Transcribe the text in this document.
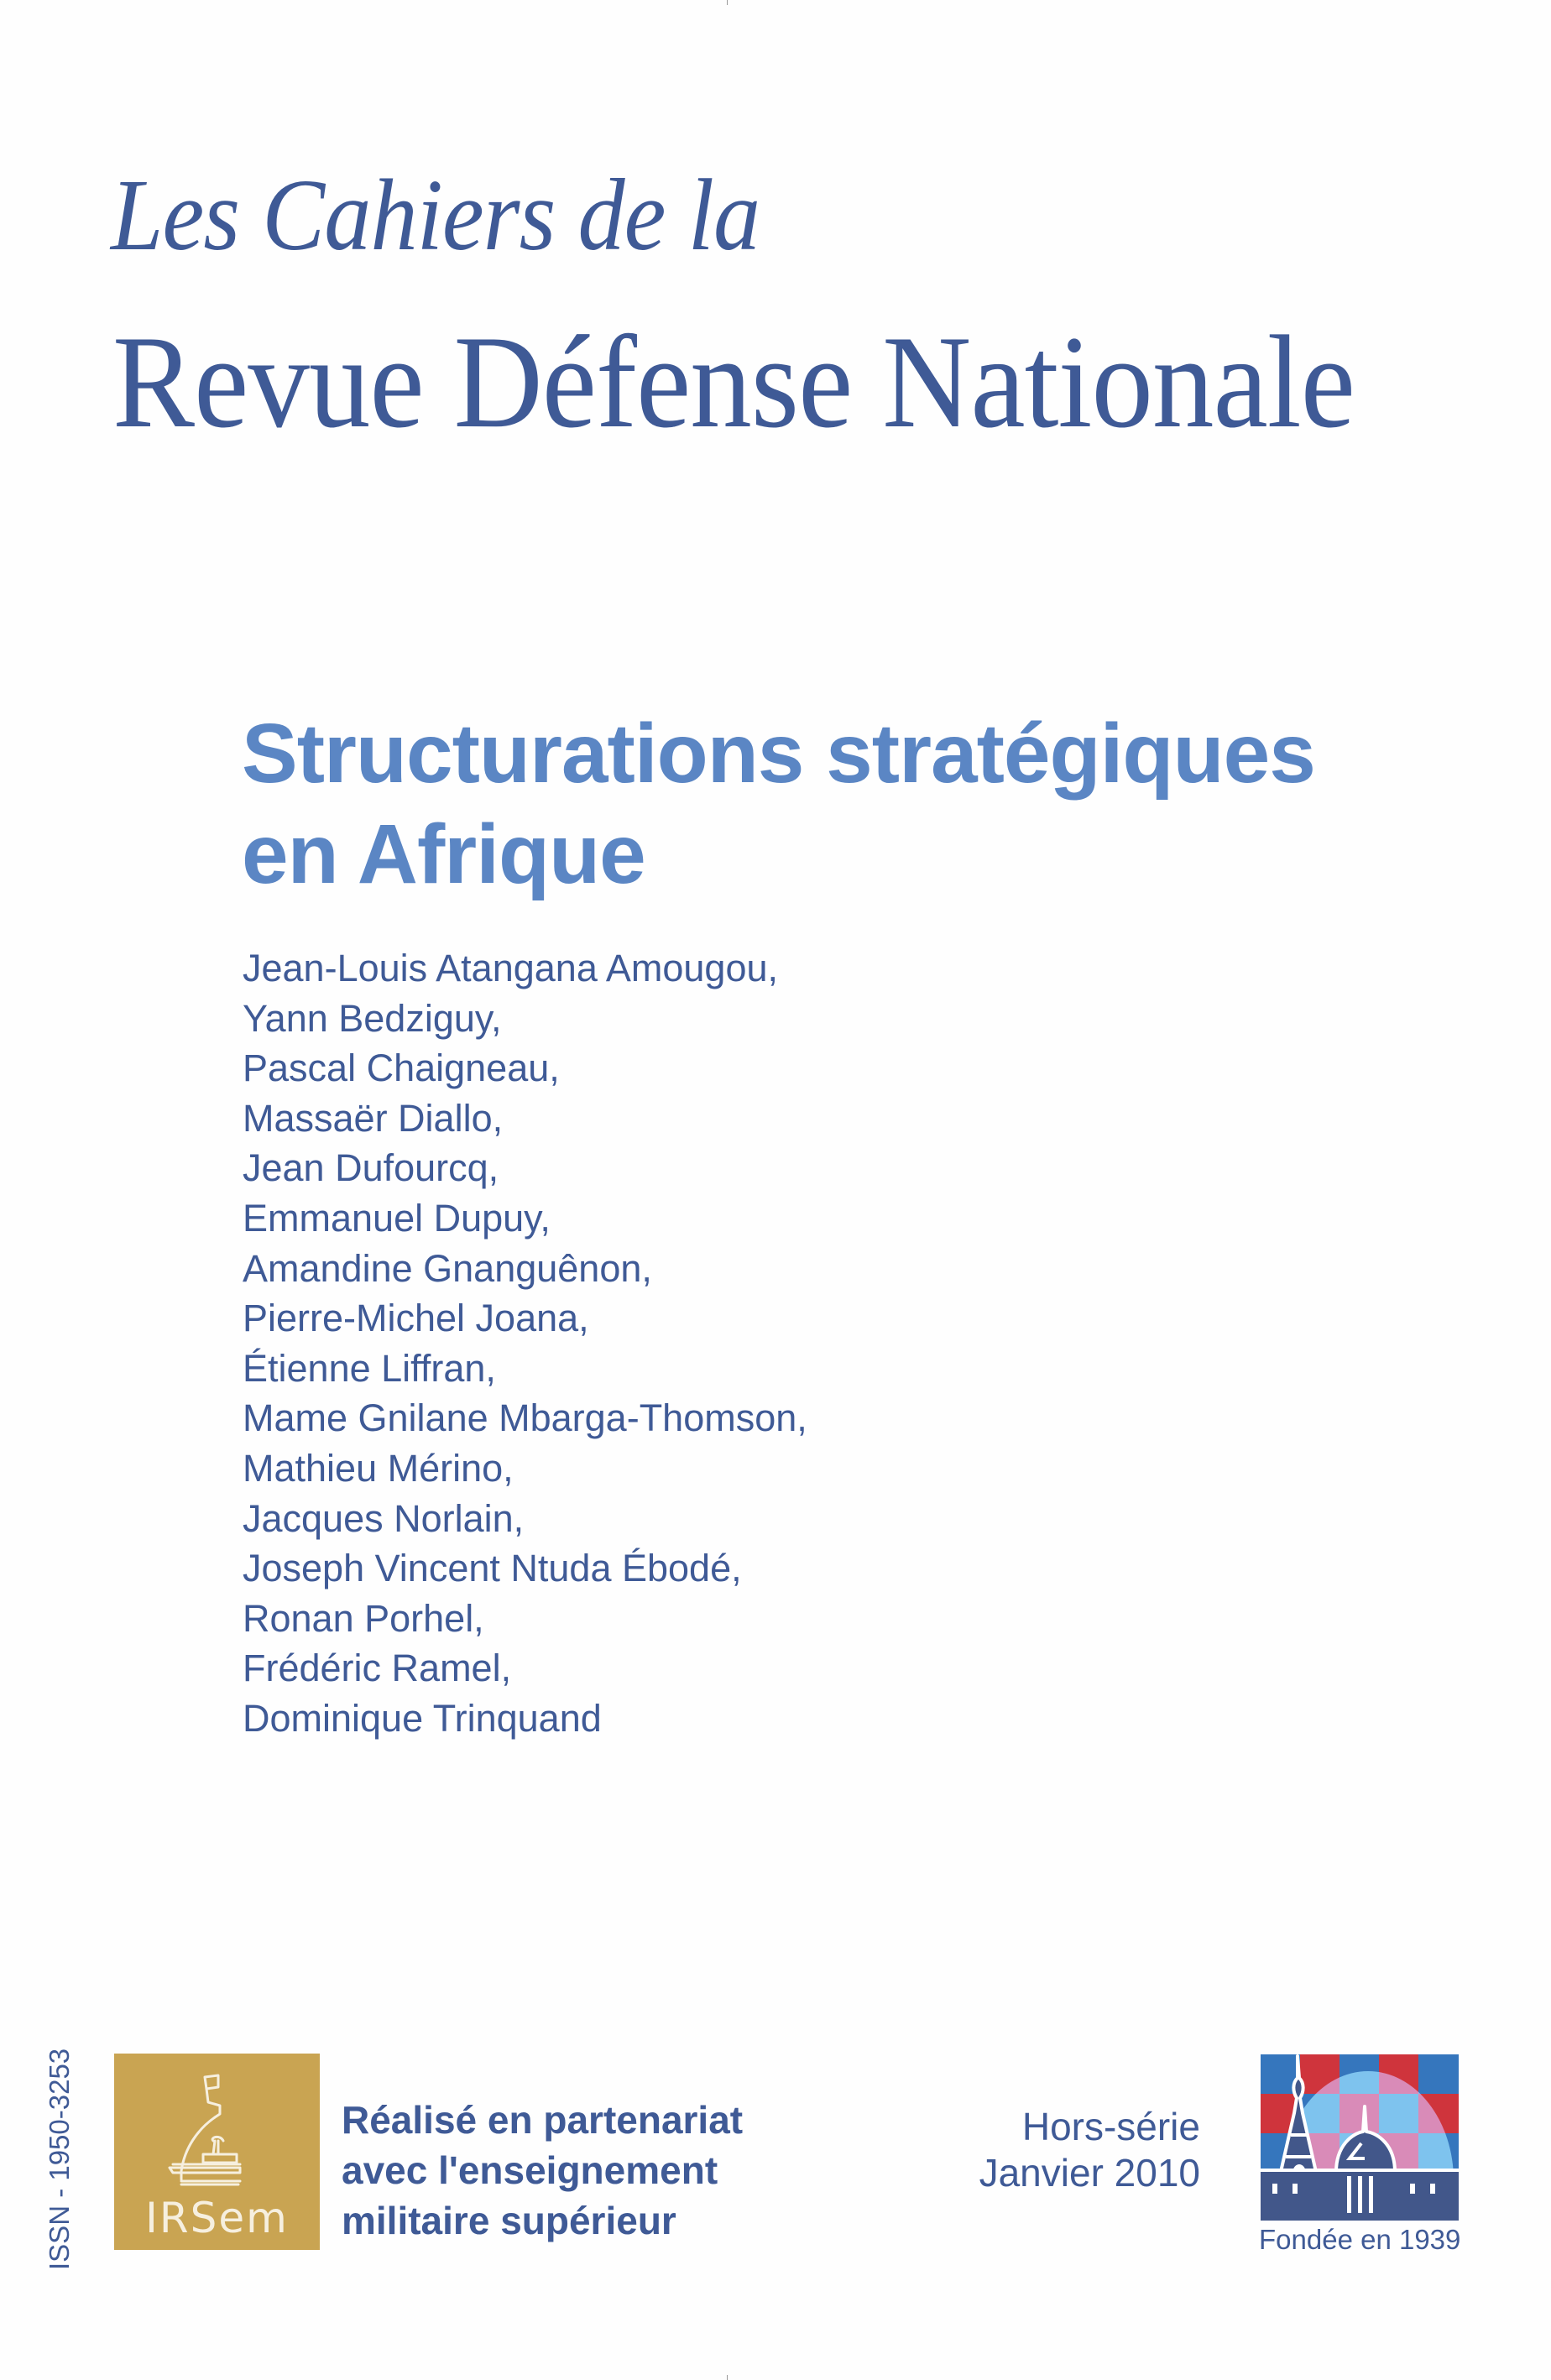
Les Cahiers de la
Revue Défense Nationale
Structurations stratégiques
en Afrique
Jean-Louis Atangana Amougou,
Yann Bedziguy,
Pascal Chaigneau,
Massaër Diallo,
Jean Dufourcq,
Emmanuel Dupuy,
Amandine Gnanguênon,
Pierre-Michel Joana,
Étienne Liffran,
Mame Gnilane Mbarga-Thomson,
Mathieu Mérino,
Jacques Norlain,
Joseph Vincent Ntuda Ébodé,
Ronan Porhel,
Frédéric Ramel,
Dominique Trinquand
ISSN - 1950-3253	IRSem
Réalisé en partenariat
avec l'enseignement
militaire supérieur
Hors-série
Janvier 2010
Fondée en 1939
